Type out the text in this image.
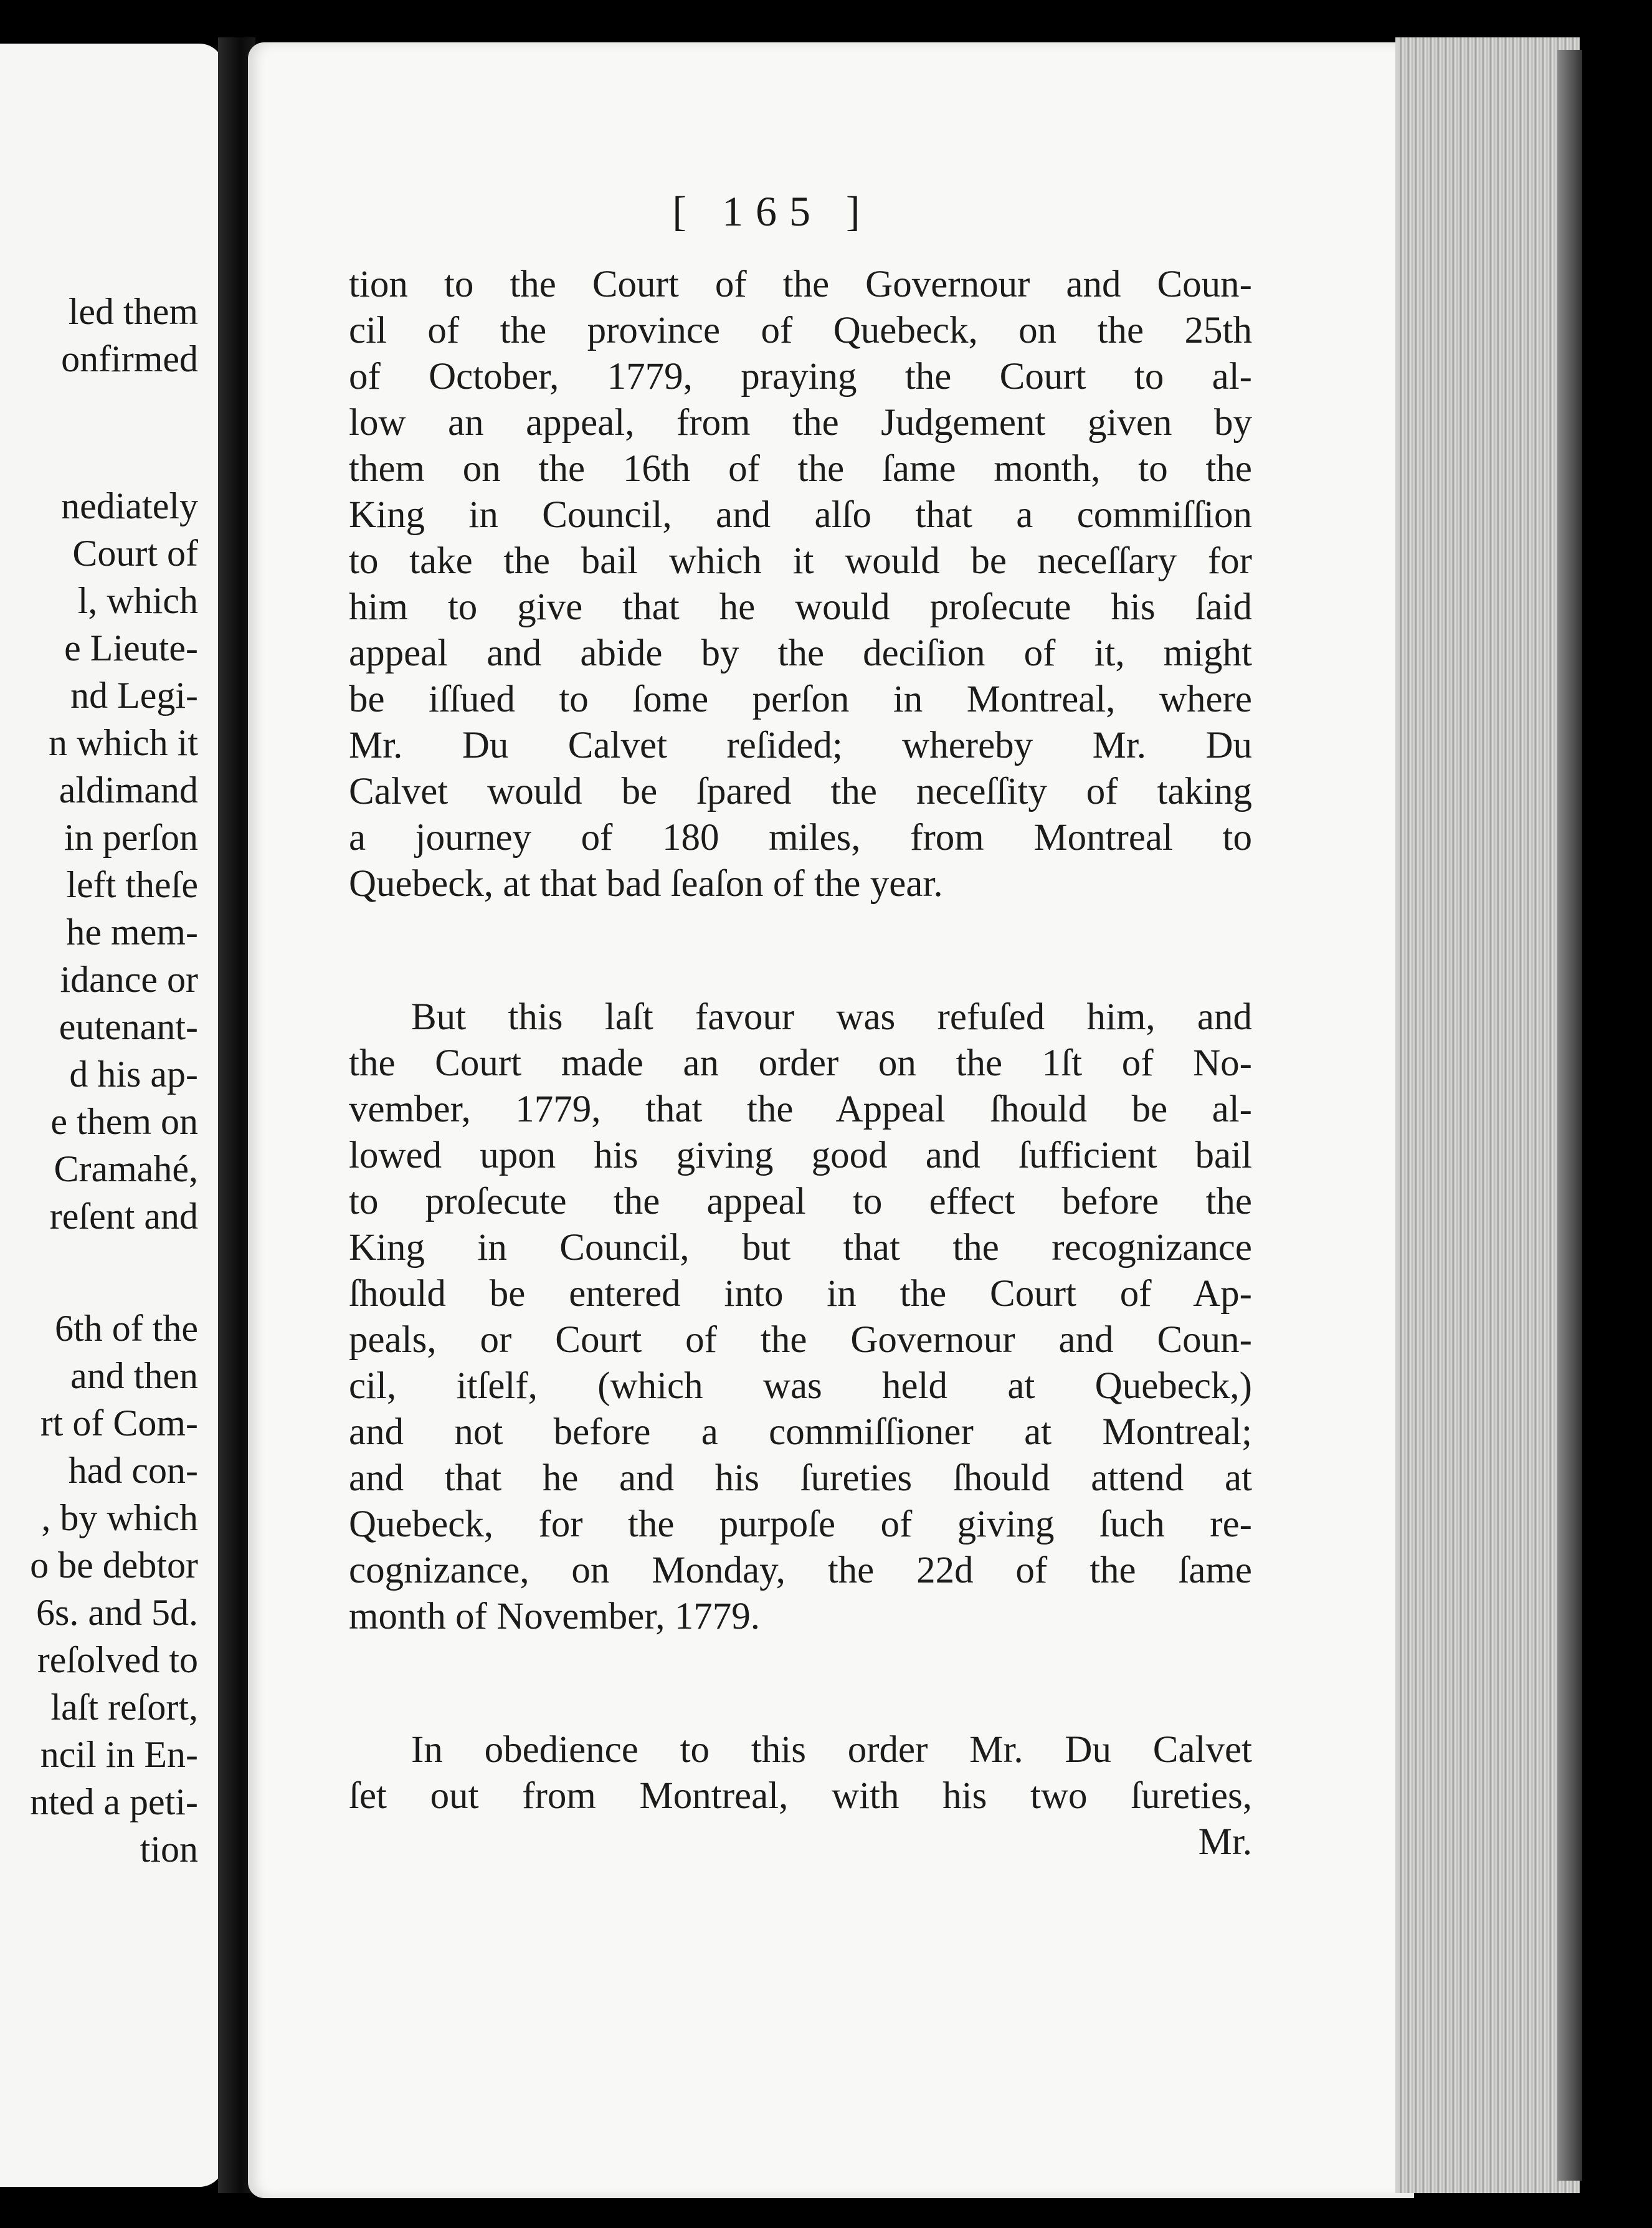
led them
onfirmed
nediately
Court of
l, which
e Lieute-
nd Legi-
n which it
aldimand
in perſon
left theſe
he mem-
idance or
eutenant-
d his ap-
e them on
Cramahé,
reſent and
6th of the
and then
rt of Com-
had con-
, by which
o be debtor
6s. and 5d.
reſolved to
laſt reſort,
ncil in En-
nted a peti-
tion
[ 165 ]
tion to the Court of the Governour and Coun-
cil of the province of Quebeck, on the 25th
of October, 1779, praying the Court to al-
low an appeal, from the Judgement given by
them on the 16th of the ſame month, to the
King in Council, and alſo that a commiſſion
to take the bail which it would be neceſſary for
him to give that he would proſecute his ſaid
appeal and abide by the deciſion of it, might
be iſſued to ſome perſon in Montreal, where
Mr. Du Calvet reſided; whereby Mr. Du
Calvet would be ſpared the neceſſity of taking
a journey of 180 miles, from Montreal to
Quebeck, at that bad ſeaſon of the year.
But this laſt favour was refuſed him, and
the Court made an order on the 1ſt of No-
vember, 1779, that the Appeal ſhould be al-
lowed upon his giving good and ſufficient bail
to proſecute the appeal to effect before the
King in Council, but that the recognizance
ſhould be entered into in the Court of Ap-
peals, or Court of the Governour and Coun-
cil, itſelf, (which was held at Quebeck,)
and not before a commiſſioner at Montreal;
and that he and his ſureties ſhould attend at
Quebeck, for the purpoſe of giving ſuch re-
cognizance, on Monday, the 22d of the ſame
month of November, 1779.
In obedience to this order Mr. Du Calvet
ſet out from Montreal, with his two ſureties,
Mr.
